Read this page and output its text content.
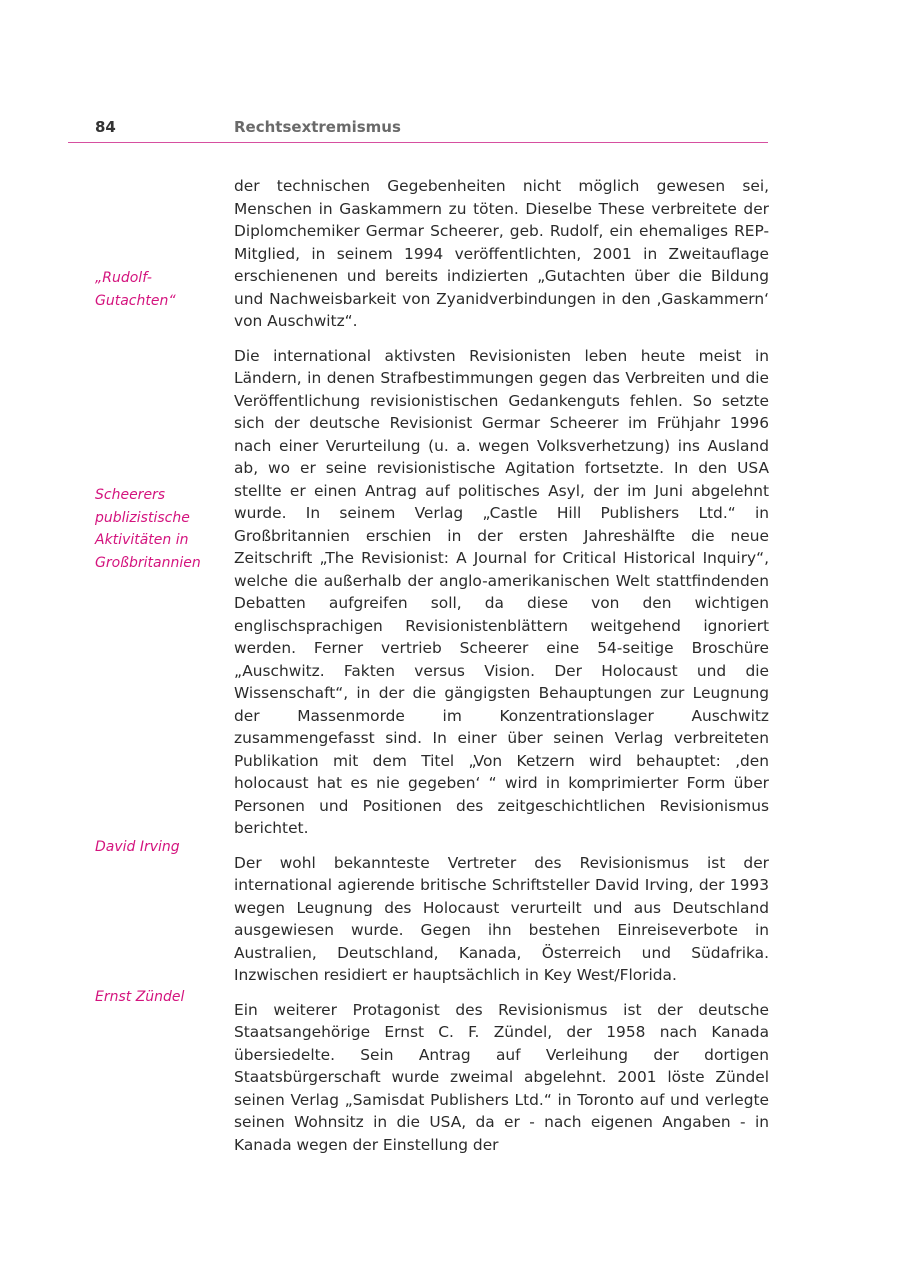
84	Rechtsextremismus
„Rudolf-Gutachten“
Scheerers publizistische Aktivitäten in Großbritannien
David Irving
Ernst Zündel

der technischen Gegebenheiten nicht möglich gewesen sei, Menschen in Gaskammern zu töten. Dieselbe These verbreitete der Diplomchemiker Germar Scheerer, geb. Rudolf, ein ehemaliges REP-Mitglied, in seinem 1994 veröffentlichten, 2001 in Zweitauflage erschienenen und bereits indizierten „Gutachten über die Bildung und Nachweisbarkeit von Zyanidverbindungen in den ‚Gaskammern‘ von Auschwitz“.

Die international aktivsten Revisionisten leben heute meist in Ländern, in denen Strafbestimmungen gegen das Verbreiten und die Veröffentlichung revisionistischen Gedankenguts fehlen. So setzte sich der deutsche Revisionist Germar Scheerer im Frühjahr 1996 nach einer Verurteilung (u. a. wegen Volksverhetzung) ins Ausland ab, wo er seine revisionistische Agitation fortsetzte. In den USA stellte er einen Antrag auf politisches Asyl, der im Juni abgelehnt wurde. In seinem Verlag „Castle Hill Publishers Ltd.“ in Großbritannien erschien in der ersten Jahreshälfte die neue Zeitschrift „The Revisionist: A Journal for Critical Historical Inquiry“, welche die außerhalb der anglo-amerikanischen Welt stattfindenden Debatten aufgreifen soll, da diese von den wichtigen englischsprachigen Revisionistenblättern weitgehend ignoriert werden. Ferner vertrieb Scheerer eine 54-seitige Broschüre „Auschwitz. Fakten versus Vision. Der Holocaust und die Wissenschaft“, in der die gängigsten Behauptungen zur Leugnung der Massenmorde im Konzentrationslager Auschwitz zusammengefasst sind. In einer über seinen Verlag verbreiteten Publikation mit dem Titel „Von Ketzern wird behauptet: ‚den holocaust hat es nie gegeben‘ “ wird in komprimierter Form über Personen und Positionen des zeitgeschichtlichen Revisionismus berichtet.

Der wohl bekannteste Vertreter des Revisionismus ist der international agierende britische Schriftsteller David Irving, der 1993 wegen Leugnung des Holocaust verurteilt und aus Deutschland ausgewiesen wurde. Gegen ihn bestehen Einreiseverbote in Australien, Deutschland, Kanada, Österreich und Südafrika. Inzwischen residiert er hauptsächlich in Key West/Florida.

Ein weiterer Protagonist des Revisionismus ist der deutsche Staatsangehörige Ernst C. F. Zündel, der 1958 nach Kanada übersiedelte. Sein Antrag auf Verleihung der dortigen Staatsbürgerschaft wurde zweimal abgelehnt. 2001 löste Zündel seinen Verlag „Samisdat Publishers Ltd.“ in Toronto auf und verlegte seinen Wohnsitz in die USA, da er - nach eigenen Angaben - in Kanada wegen der Einstellung der
